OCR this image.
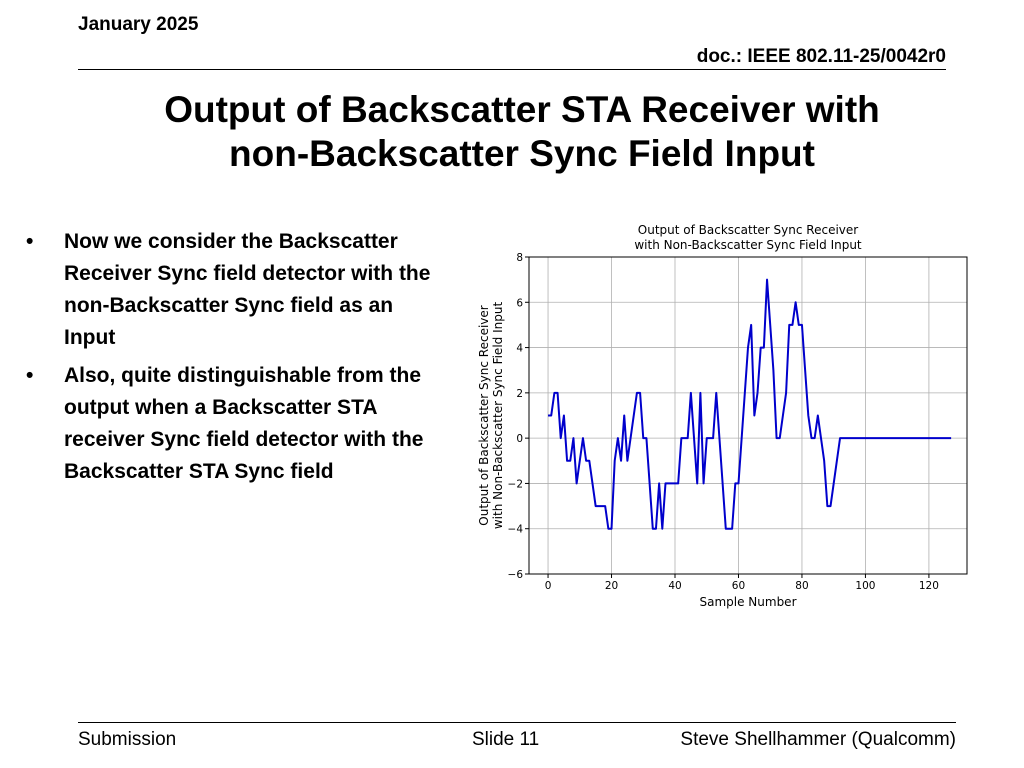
January 2025
doc.: IEEE 802.11-25/0042r0
Output of Backscatter STA Receiver with
non-Backscatter Sync Field Input
• Now we consider the Backscatter Receiver Sync field detector with the non-Backscatter Sync field as an Input
• Also, quite distinguishable from the output when a Backscatter STA receiver Sync field detector with the Backscatter STA Sync field
0	20	40	60	80	100	120
−6
−4
−2
0
2
4
6
8
Output of Backscatter Sync Receiver
with Non-Backscatter Sync Field Input
Sample Number
Output of Backscatter Sync Receiver with Non-Backscatter Sync Field Input
Submission	Slide 11	Steve Shellhammer (Qualcomm)
